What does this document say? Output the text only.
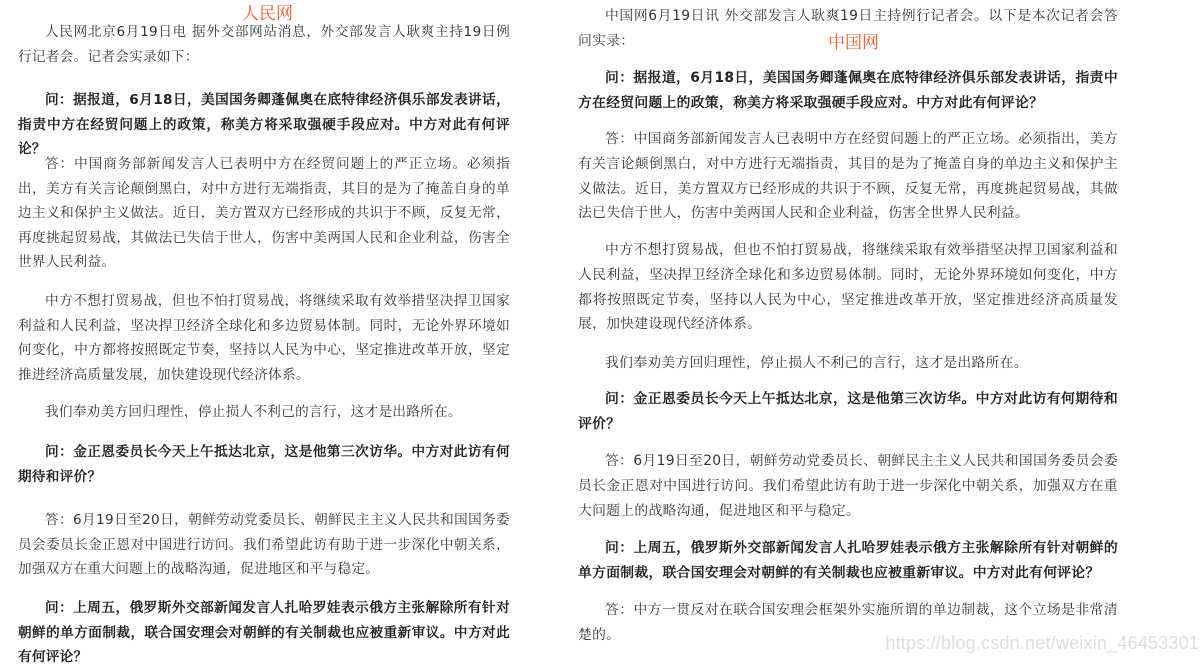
人民网
中国网

人民网北京6月19日电 据外交部网站消息，外交部发言人耿爽主持19日例行记者会。记者会实录如下：

问：据报道，6月18日，美国国务卿蓬佩奥在底特律经济俱乐部发表讲话，指责中方在经贸问题上的政策，称美方将采取强硬手段应对。中方对此有何评论？

答：中国商务部新闻发言人已表明中方在经贸问题上的严正立场。必须指出，美方有关言论颠倒黑白，对中方进行无端指责，其目的是为了掩盖自身的单边主义和保护主义做法。近日，美方置双方已经形成的共识于不顾，反复无常，再度挑起贸易战，其做法已失信于世人，伤害中美两国人民和企业利益，伤害全世界人民利益。

中方不想打贸易战，但也不怕打贸易战，将继续采取有效举措坚决捍卫国家利益和人民利益，坚决捍卫经济全球化和多边贸易体制。同时，无论外界环境如何变化，中方都将按照既定节奏，坚持以人民为中心，坚定推进改革开放，坚定推进经济高质量发展，加快建设现代经济体系。

我们奉劝美方回归理性，停止损人不利己的言行，这才是出路所在。

问：金正恩委员长今天上午抵达北京，这是他第三次访华。中方对此访有何期待和评价？

答：6月19日至20日，朝鲜劳动党委员长、朝鲜民主主义人民共和国国务委员会委员长金正恩对中国进行访问。我们希望此访有助于进一步深化中朝关系，加强双方在重大问题上的战略沟通，促进地区和平与稳定。

问：上周五，俄罗斯外交部新闻发言人扎哈罗娃表示俄方主张解除所有针对朝鲜的单方面制裁，联合国安理会对朝鲜的有关制裁也应被重新审议。中方对此有何评论？

中国网6月19日讯 外交部发言人耿爽19日主持例行记者会。以下是本次记者会答问实录：

问：据报道，6月18日，美国国务卿蓬佩奥在底特律经济俱乐部发表讲话，指责中方在经贸问题上的政策，称美方将采取强硬手段应对。中方对此有何评论？

答：中国商务部新闻发言人已表明中方在经贸问题上的严正立场。必须指出，美方有关言论颠倒黑白，对中方进行无端指责，其目的是为了掩盖自身的单边主义和保护主义做法。近日，美方置双方已经形成的共识于不顾，反复无常，再度挑起贸易战，其做法已失信于世人，伤害中美两国人民和企业利益，伤害全世界人民利益。

中方不想打贸易战，但也不怕打贸易战，将继续采取有效举措坚决捍卫国家利益和人民利益，坚决捍卫经济全球化和多边贸易体制。同时，无论外界环境如何变化，中方都将按照既定节奏，坚持以人民为中心，坚定推进改革开放，坚定推进经济高质量发展，加快建设现代经济体系。

我们奉劝美方回归理性，停止损人不利己的言行，这才是出路所在。

问：金正恩委员长今天上午抵达北京，这是他第三次访华。中方对此访有何期待和评价？

答：6月19日至20日，朝鲜劳动党委员长、朝鲜民主主义人民共和国国务委员会委员长金正恩对中国进行访问。我们希望此访有助于进一步深化中朝关系，加强双方在重大问题上的战略沟通，促进地区和平与稳定。

问：上周五，俄罗斯外交部新闻发言人扎哈罗娃表示俄方主张解除所有针对朝鲜的单方面制裁，联合国安理会对朝鲜的有关制裁也应被重新审议。中方对此有何评论？

答：中方一贯反对在联合国安理会框架外实施所谓的单边制裁，这个立场是非常清楚的。	https://blog.csdn.net/weixin_46453301
